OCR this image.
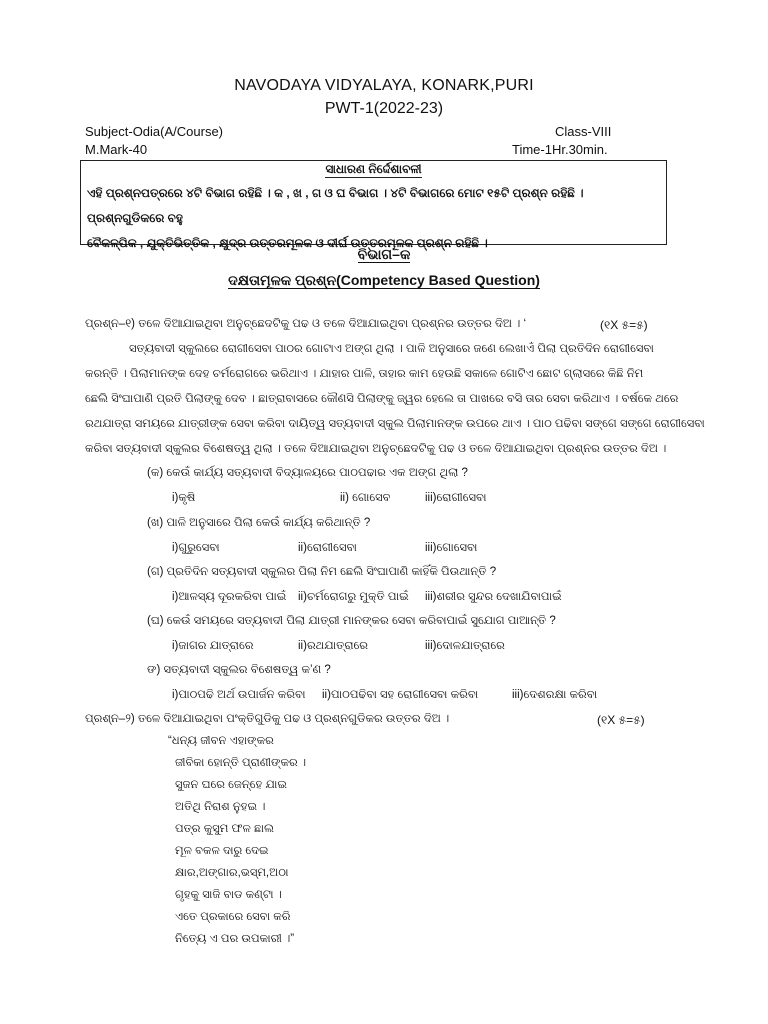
NAVODAYA VIDYALAYA, KONARK,PURI
PWT-1(2022-23)
Subject-Odia(A/Course)	Class-VIII
M.Mark-40	Time-1Hr.30min.
ସାଧାରଣ ନିର୍ଦ୍ଦେଶାବଳୀ
ଏହି ପ୍ରଶ୍ନପତ୍ରରେ ୪ଟି ବିଭାଗ ରହିଛି । କ , ଖ , ଗ ଓ ଘ ବିଭାଗ । ୪ଟି ବିଭାଗରେ ମୋଟ ୧୫ଟି ପ୍ରଶ୍ନ ରହିଛି । ପ୍ରଶ୍ନଗୁଡିକରେ ବହୁ
ବୈକଳ୍ପିକ , ଯୁକ୍ତିଭିତ୍ତିକ , କ୍ଷୁଦ୍ର ଉତ୍ତରମୂଳକ ଓ ଦୀର୍ଘ ଉତ୍ତରମୂଳକ ପ୍ରଶ୍ନ ରହିଛି ।
ବିଭାଗ–କ
ଦକ୍ଷତାମୂଳକ ପ୍ରଶ୍ନ(Competency Based Question)
ପ୍ରଶ୍ନ–୧) ତଳେ ଦିଆଯାଇଥିବା ଅନୁଚ୍ଛେଦଟିକୁ ପଢ ଓ ତଳେ ଦିଆଯାଇଥିବା ପ୍ରଶ୍ନର ଉତ୍ତର ଦିଅ । ‘	(୧X ୫=୫)
ସତ୍ୟବାଦୀ ସ୍କୁଲରେ ରୋଗୀସେବା ପାଠର ଗୋଟାଏ ଅଙ୍ଗ ଥିଲା । ପାଳି ଅନୁସାରେ ଜଣେ ଲେଖାଏଁ ପିଲା ପ୍ରତିଦିନ ରୋଗୀସେବା
କରନ୍ତି । ପିଲାମାନଙ୍କ ଦେହ ଚର୍ମରୋଗରେ ଭରିଥାଏ । ଯାହାର ପାଳି, ତାହାର କାମ ହେଉଛି ସକାଳେ ଗୋଟିଏ ଛୋଟ ଗ୍ଲାସରେ କିଛି ନିମ
ଛେଲି ସିଂଘାପାଣି ପ୍ରତି ପିଲାଙ୍କୁ ଦେବ । ଛାତ୍ରାବାସରେ କୌଣସି ପିଲାଙ୍କୁ ଜ୍ୱର ହେଲେ ତା ପାଖରେ ବସି ତାର ସେବା କରିଥାଏ । ବର୍ଷକେ ଥରେ
ରଥଯାତ୍ରା ସମୟରେ ଯାତ୍ରୀଙ୍କ ସେବା କରିବା ଦାୟିତ୍ୱ ସତ୍ୟବାଦୀ ସ୍କୁଲ ପିଲାମାନଙ୍କ ଉପରେ ଥାଏ । ପାଠ ପଢିବା ସଙ୍ଗେ ସଙ୍ଗେ ରୋଗୀସେବା
କରିବା ସତ୍ୟବାଦୀ ସ୍କୁଲର ବିଶେଷତ୍ୱ ଥିଲା । ତଳେ ଦିଆଯାଇଥିବା ଅନୁଚ୍ଛେଦଟିକୁ ପଢ ଓ ତଳେ ଦିଆଯାଇଥିବା ପ୍ରଶ୍ନର ଉତ୍ତର ଦିଅ ।
(କ) କେଉଁ କାର୍ଯ୍ୟ ସତ୍ୟବାଦୀ ବିଦ୍ୟାଳୟରେ ପାଠପଢାର ଏକ ଅଙ୍ଗ ଥିଲା ?
i)କୃଷି	ii) ଗୋସେବ	iii)ରୋଗୀସେବା
(ଖ) ପାଳି ଅନୁସାରେ ପିଲା କେଉଁ କାର୍ଯ୍ୟ କରିଥାନ୍ତି ?
i)ଗୁରୁସେବା	ii)ରୋଗୀସେବା	iii)ଗୋସେବା
(ଗ) ପ୍ରତିଦିନ ସତ୍ୟବାଦୀ ସ୍କୁଲର ପିଲା ନିମ ଛେଲି ସିଂଘାପାଣି କାହିଁକି ପିଉଥାନ୍ତି ?
i)ଆଳସ୍ୟ ଦୂରକରିବା ପାଇଁ ii)ଚର୍ମରୋଗରୁ ମୁକ୍ତି ପାଇଁ iii)ଶରୀର ସୁନ୍ଦର ଦେଖାଯିବାପାଇଁ
(ଘ) କେଉଁ ସମୟରେ ସତ୍ୟବାଦୀ ପିଲା ଯାତ୍ରୀ ମାନଙ୍କର ସେବା କରିବାପାଇଁ ସୁଯୋଗ ପାଆନ୍ତି ?
i)ଜାଗର ଯାତ୍ରାରେ	ii)ରଥଯାତ୍ରାରେ	iii)ଦୋଳଯାତ୍ରାରେ
ଙ) ସତ୍ୟବାଦୀ ସ୍କୁଲର ବିଶେଷତ୍ୱ କ’ଣ ?
i)ପାଠପଢି ଅର୍ଥ ଉପାର୍ଜନ କରିବା ii)ପାଠପଢିବା ସହ ରୋଗୀସେବା କରିବା	iii)ଦେଶରକ୍ଷା କରିବା
ପ୍ରଶ୍ନ–୨) ତଳେ ଦିଆଯାଇଥିବା ପଂକ୍ତିଗୁଡିକୁ ପଢ ଓ ପ୍ରଶ୍ନଗୁଡିକର ଉତ୍ତର ଦିଅ ।	(୧X ୫=୫)
“ଧନ୍ୟ ଜୀବନ ଏହାଙ୍କର
ଜୀବିକା ହୋନ୍ତି ପ୍ରାଣୀଙ୍କର ।
ସୁଜନ ଘରେ ଜେନ୍ହେ ଯାଇ
ଅତିଥି ନିରାଶ ନୁହଇ ।
ପତ୍ର କୁସୁମ ଫଳ ଛାଲ
ମୂଳ ବକଳ ଦାରୁ ଦେଇ
କ୍ଷାର,ଅଙ୍ଗାର,ଭସ୍ମ,ଅଠା
ଗୃହକୁ ସାଜି ବାଡ କଣ୍ଟା ।
ଏତେ ପ୍ରକାରେ ସେବା କରି
ନିତ୍ୟେ ଏ ପର ଉପକାରୀ ।”
